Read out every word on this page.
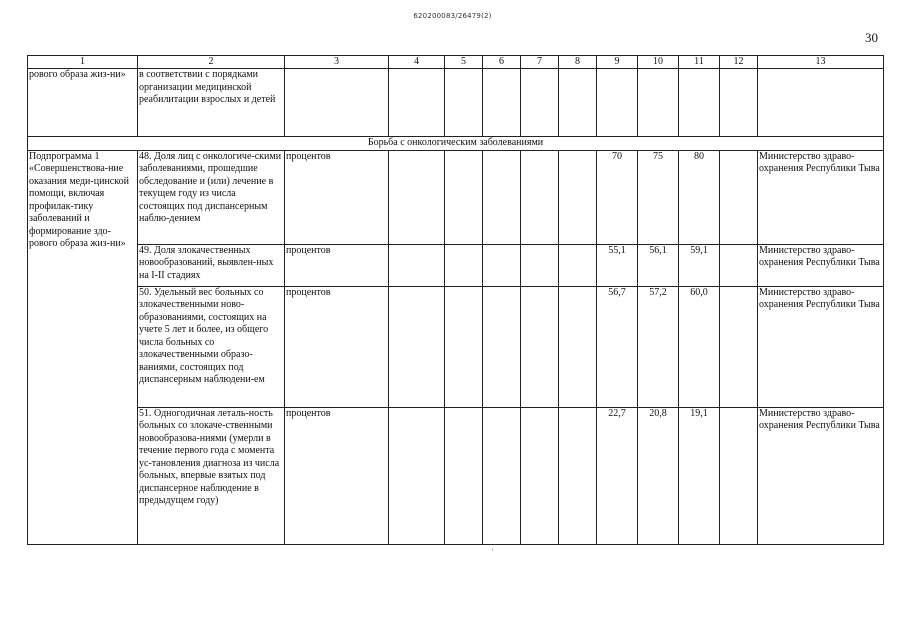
620200083/26479(2)
30
1	2	3	4	5	6	7	8	9	10	11	12	13
рового образа жиз-ни»	в соответствии с порядками организации медицинской реабилитации взрослых и детей											
Борьба с онкологическим заболеваниями												
Подпрограмма 1 «Совершенствова-ние оказания меди-цинской помощи, включая профилак-тику заболеваний и формирование здо-рового образа жиз-ни»	48. Доля лиц с онкологиче-скими заболеваниями, прошедшие обследование и (или) лечение в текущем году из числа состоящих под диспансерным наблю-дением	процентов						70	75	80		Министерство здраво-охранения Республики Тыва
	49. Доля злокачественных новообразований, выявлен-ных на I-II стадиях	процентов						55,1	56,1	59,1		Министерство здраво-охранения Республики Тыва
	50. Удельный вес больных со злокачественными ново-образованиями, состоящих на учете 5 лет и более, из общего числа больных со злокачественными образо-ваниями, состоящих под диспансерным наблюдени-ем	процентов						56,7	57,2	60,0		Министерство здраво-охранения Республики Тыва
	51. Одногодичная леталь-ность больных со злокаче-ственными новообразова-ниями (умерли в течение первого года с момента ус-тановления диагноза из числа больных, впервые взятых под диспансерное наблюдение в предыдущем году)	процентов						22,7	20,8	19,1		Министерство здраво-охранения Республики Тыва
